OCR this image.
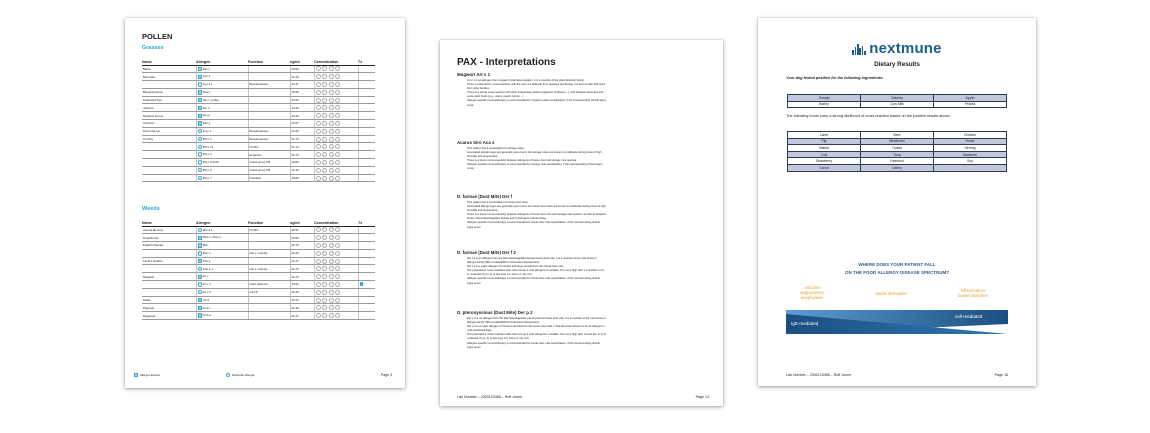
POLLEN
Grasses
Name	Allergen	Function	ng/ml	Concentration	Tx
Bahia	Pas n		28.60		
Bermuda	Cyn d		22.15		
	Cyn d 1	Beta-Expansin	23.47		
Bluegrass/June	Poa p		25.09		
Cultivated Rye	Sec c_pollen		23.84		
Johnson	Sor h		24.20		
Meadow fescue	Fes p		23.26		
Orchard	Dac g		22.57		
Perennial rye	Lol p 1	Beta-Expansin	24.46		
Timothy	Phl p 1	Beta-Expansin	21.76		
	Phl p 12	Profilin	21.14		
	Phl p 2	Expansin	20.76		
	Phl p 5.0101	Grass group 5/6	19.82		
	Phl p 6	Grass group 5/6	22.39		
	Phl p 7	Polcalcin	19.89		
Weeds
Name	Allergen	Function	ng/ml	Concentration	Tx
Annual Mercury	Mer a 1	Profilin	20.97		
Dock/Sorrel	Rum c_Rum o		23.59		
English Plantain	Pla l		26.76		
	Pla l 1	Ole e 1-family	29.40		
Lamb's Quarter	Che a		21.27		
	Che a 1	Ole e 1-family	22.79		
Mugwort	Art v		16.76		
	Art v 1	Plant defensin	30.02		
	Art v 3	nsLTP	20.20		
Nettle	Urt d		20.23		
Pigweed	Ama r		22.46		
Ragweed	Amb a		26.27		
Allergen Extract	Molecular Allergen	Page 3
PAX - Interpretations
Mugwort Art v 1
Art v 1 is an allergen from mugwort (Artemisia vulgaris). It is a member of the plant defensin family.
There is potential for cross-reactions with the Amb a 4 defensin from ragweed (Ambrosia), but less so with defensins
from other families.
There is a strong cross-reaction with other Asteraceae pollens (ragweed, sunflower…), and between Artemisia and
some plant foods (e.g., celery, peach, lemon…).
Allergen-specific immunotherapy is recommended for mugwort pollen sensitization, if the corresponding clinical signs
occur.
Acarus Siro Aca s
This patient has a sensitization to storage mites.
Associated allergic signs are generally year-round, but storage mites are known to proliferate during times of high
humidity and temperature.
There is a known cross-reactivity between allergens of house dust and storage mite species.
Allergen-specific immunotherapy is recommended for storage mite sensitization, if the corresponding clinical signs
occur.
D. farinae (Dust Mite) Der f
This patient has a sensitization to house dust mites.
Associated allergic signs are generally year-round, but house dust mites are known to proliferate during times of high
humidity and temperature.
There is a known cross-reactivity between allergens of house dust mite and storage mite species, as well as between
those of Dermatophagoides farinae and Tyrophagus putrescentiae.
Allergen-specific immunotherapy is recommended for house dust mite sensitization, if the corresponding clinical
signs occur.
D. farinae (Dust Mite) Der f 2
Der f 2 is an allergen from the Dermatophagoides farinae house dust mite; it is a member of the mite Group 2
allergen family (MD-2-related/NPC2 cholesterol transporters).
Der f 2 is a major allergen of humans and dogs sensitized to this house dust mite.
The potential for cross-reactions with other Group 2 mite allergens is variable, from very high (Der p 2 and Eur m 2)
to moderate (Tyr p 2) or low (Lep d 2, Aca s 2, Gly d 2).
Allergen-specific immunotherapy is recommended for house dust mite sensitization, if the corresponding clinical
signs occur.
D. pteronyssinus (Dust Mite) Der p 2
Der p 2 is an allergen from the Dermatophagoides pteronyssinus house dust mite; it is a member of the mite Group 2
allergen family (MD-2-related/NPC2 cholesterol transporters).
Der p 2 is a major allergen of humans sensitized to this house dust mite; it has also been shown to be an allergen in
mite-sensitized dogs.
The potential for cross-reactions with other Group 2 mite allergens is variable, from very high (Der f 2 and Eur m 2) to
moderate (Tyr p 2) or low (Lep d 2, Aca s 2, Gly d 2).
Allergen-specific immunotherapy is recommended for house dust mite sensitization, if the corresponding clinical
signs occur.
Lab Number – 2300123456 – Ruff Jones	Page 14
nextmune
Dietary Results
Your dog tested positive for the following ingredients:
Tomato	Salmon	Apple
Barley	Cow Milk	Peanut
The following foods carry a strong likelihood of cross-reaction based on the positive results above:
Lamb	Beef	Chicken
Pig	Mealworm	Horse
Rabbit	Turkey	Herring
Cod	Tuna	Mackerel
Strawberry	Hazelnut	Soy
Carrot	Celery	
WHERE DOES YOUR PATIENT FALL
ON THE FOOD ALLERGY DISEASE SPECTRUM?
urticaria
angioedema
anaphylaxis
atopic dermatitis
inflammatory
bowel disorders
IgE-mediated
cell-mediated
Lab Number – 2300123456 – Ruff Jones	Page 18
